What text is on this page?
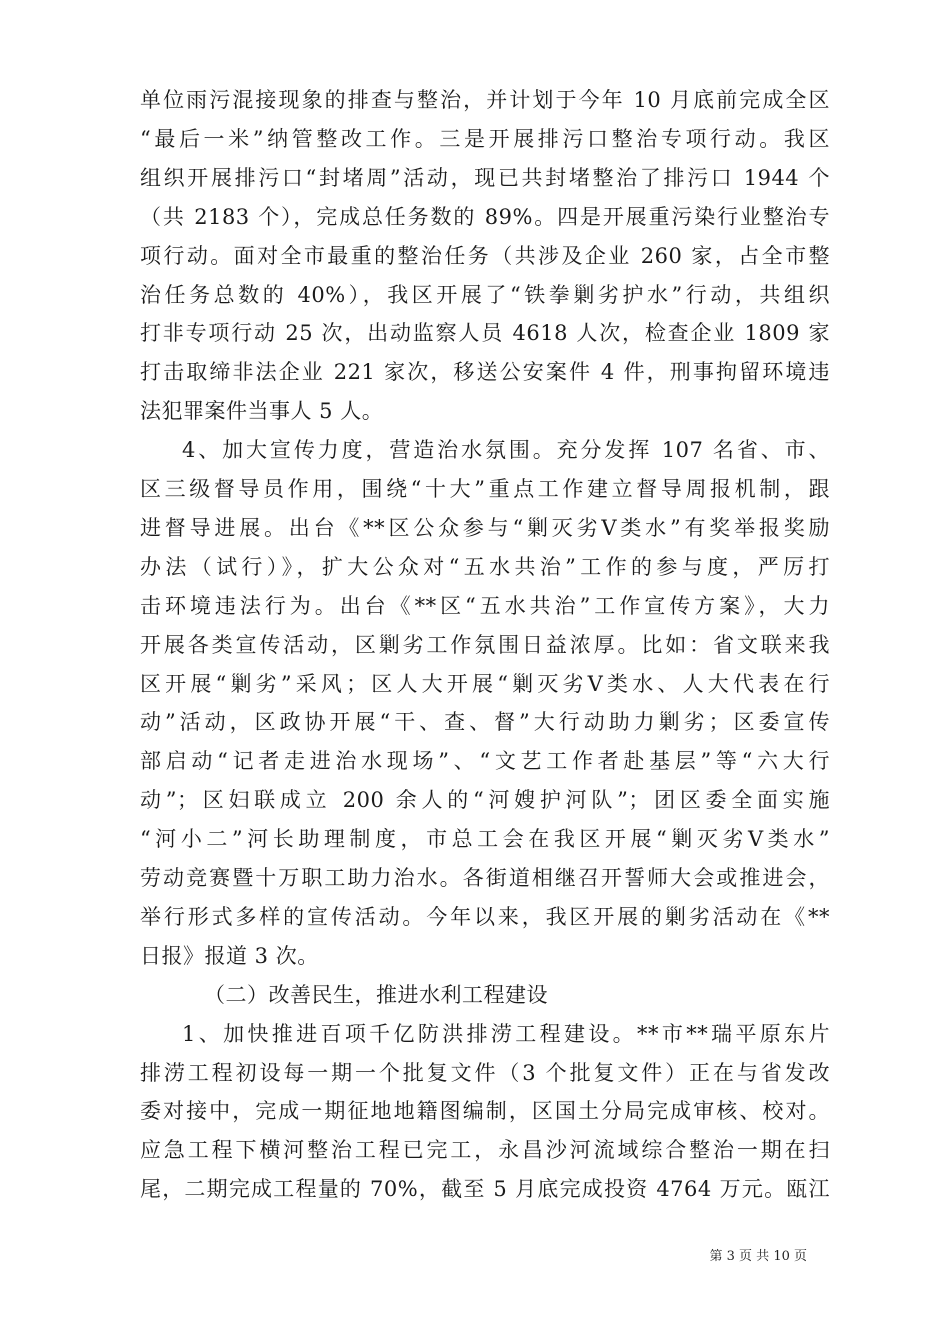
单位雨污混接现象的排查与整治，并计划于今年 10 月底前完成全区
“最后一米”纳管整改工作。三是开展排污口整治专项行动。我区
组织开展排污口“封堵周”活动，现已共封堵整治了排污口 1944 个
（共 2183 个），完成总任务数的 89%。四是开展重污染行业整治专
项行动。面对全市最重的整治任务（共涉及企业 260 家，占全市整
治任务总数的 40%），我区开展了“铁拳剿劣护水”行动，共组织
打非专项行动 25 次，出动监察人员 4618 人次，检查企业 1809 家
打击取缔非法企业 221 家次，移送公安案件 4 件，刑事拘留环境违
法犯罪案件当事人 5 人。
4、加大宣传力度，营造治水氛围。充分发挥 107 名省、市、
区三级督导员作用，围绕“十大”重点工作建立督导周报机制，跟
进督导进展。出台《**区公众参与“剿灭劣Ⅴ类水”有奖举报奖励
办法（试行）》，扩大公众对“五水共治”工作的参与度，严厉打
击环境违法行为。出台《**区“五水共治”工作宣传方案》，大力
开展各类宣传活动，区剿劣工作氛围日益浓厚。比如：省文联来我
区开展“剿劣”采风；区人大开展“剿灭劣Ⅴ类水、人大代表在行
动”活动，区政协开展“干、查、督”大行动助力剿劣；区委宣传
部启动“记者走进治水现场”、“文艺工作者赴基层”等“六大行
动”；区妇联成立 200 余人的“河嫂护河队”；团区委全面实施
“河小二”河长助理制度，市总工会在我区开展“剿灭劣Ⅴ类水”
劳动竞赛暨十万职工助力治水。各街道相继召开誓师大会或推进会，
举行形式多样的宣传活动。今年以来，我区开展的剿劣活动在《**
日报》报道 3 次。
（二）改善民生，推进水利工程建设
1、加快推进百项千亿防洪排涝工程建设。**市**瑞平原东片
排涝工程初设每一期一个批复文件（3 个批复文件）正在与省发改
委对接中，完成一期征地地籍图编制，区国土分局完成审核、校对。
应急工程下横河整治工程已完工，永昌沙河流域综合整治一期在扫
尾，二期完成工程量的 70%，截至 5 月底完成投资 4764 万元。瓯江
第 3 页 共 10 页
